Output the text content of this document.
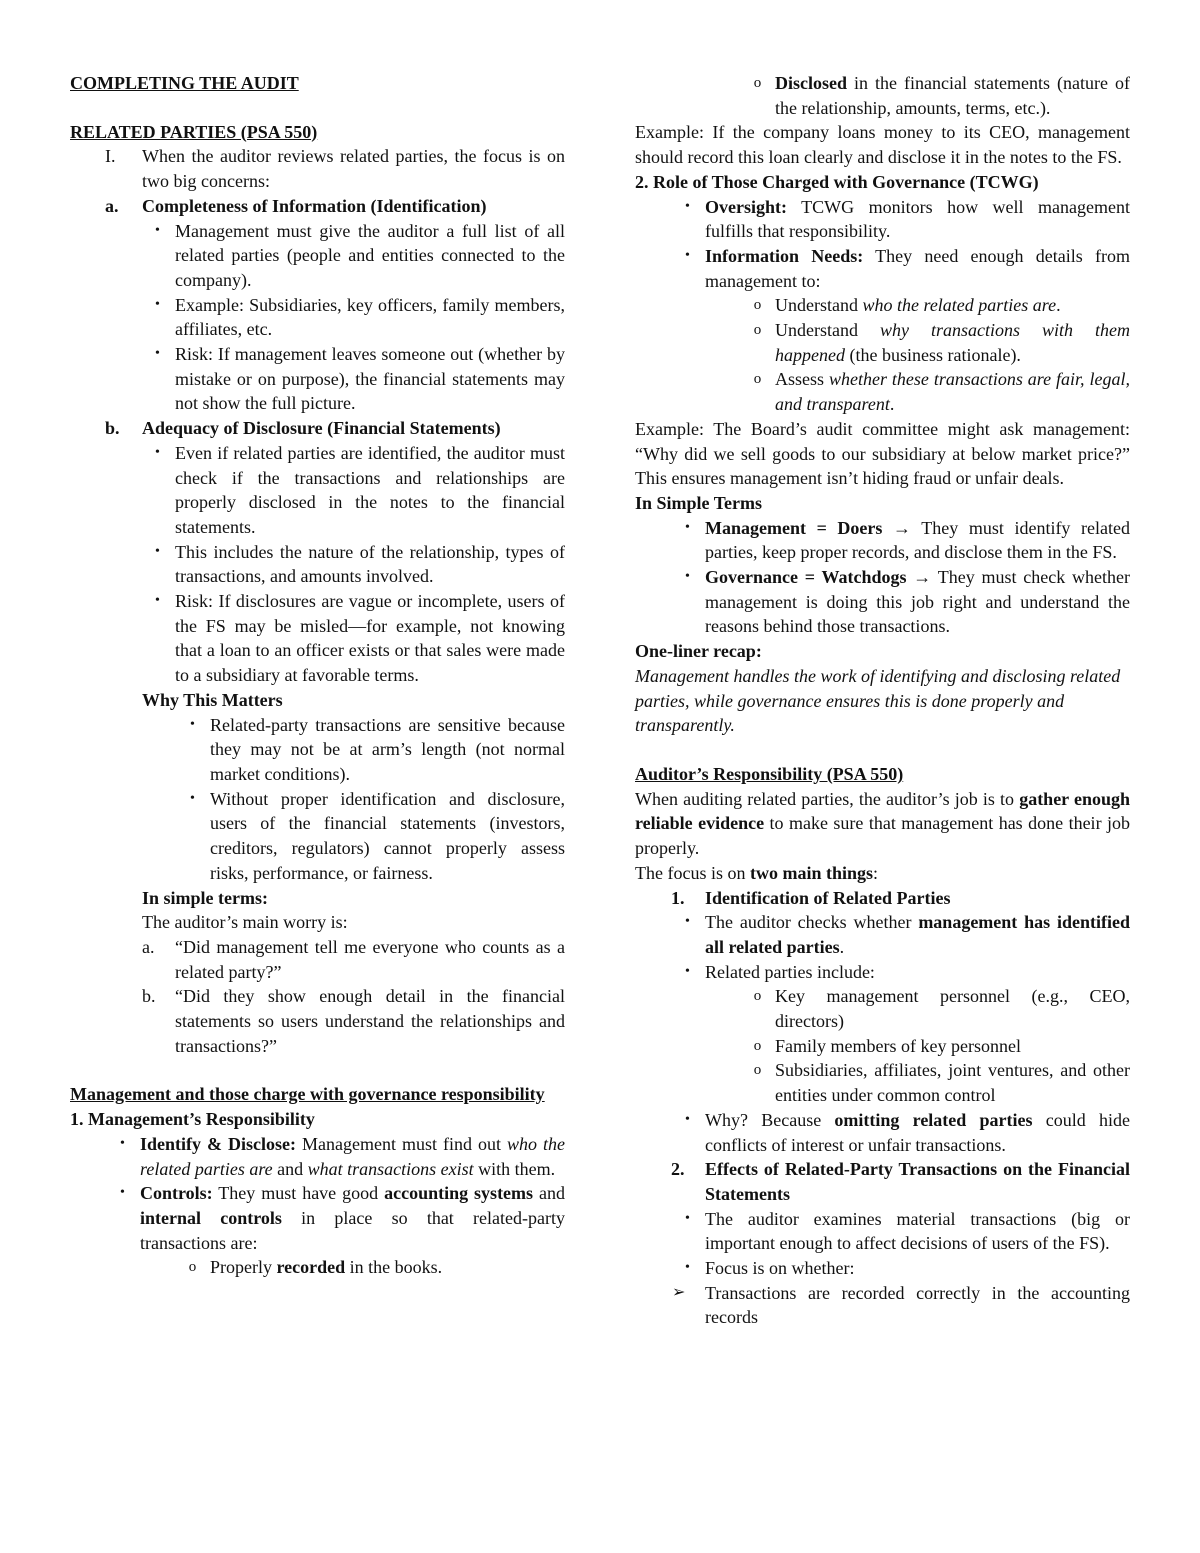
COMPLETING THE AUDIT

RELATED PARTIES (PSA 550)

I.	When the auditor reviews related parties, the focus is on two big concerns:
a.	Completeness of Information (Identification)
• Management must give the auditor a full list of all related parties (people and entities connected to the company).
• Example: Subsidiaries, key officers, family members, affiliates, etc.
• Risk: If management leaves someone out (whether by mistake or on purpose), the financial statements may not show the full picture.
b.	Adequacy of Disclosure (Financial Statements)
• Even if related parties are identified, the auditor must check if the transactions and relationships are properly disclosed in the notes to the financial statements.
• This includes the nature of the relationship, types of transactions, and amounts involved.
• Risk: If disclosures are vague or incomplete, users of the FS may be misled—for example, not knowing that a loan to an officer exists or that sales were made to a subsidiary at favorable terms.

Why This Matters

• Related-party transactions are sensitive because they may not be at arm’s length (not normal market conditions).
• Without proper identification and disclosure, users of the financial statements (investors, creditors, regulators) cannot properly assess risks, performance, or fairness.

In simple terms:

The auditor’s main worry is:

a.	“Did management tell me everyone who counts as a related party?”
b.	“Did they show enough detail in the financial statements so users understand the relationships and transactions?”

Management and those charge with governance responsibility

1. Management’s Responsibility

• Identify & Disclose: Management must find out who the related parties are and what transactions exist with them.
• Controls: They must have good accounting systems and internal controls in place so that related-party transactions are:
o Properly recorded in the books.
o Disclosed in the financial statements (nature of the relationship, amounts, terms, etc.).

Example: If the company loans money to its CEO, management should record this loan clearly and disclose it in the notes to the FS.

2. Role of Those Charged with Governance (TCWG)

• Oversight: TCWG monitors how well management fulfills that responsibility.
• Information Needs: They need enough details from management to:
o Understand who the related parties are.
o Understand why transactions with them happened (the business rationale).
o Assess whether these transactions are fair, legal, and transparent.

Example: The Board’s audit committee might ask management: “Why did we sell goods to our subsidiary at below market price?” This ensures management isn’t hiding fraud or unfair deals.

In Simple Terms

• Management = Doers → They must identify related parties, keep proper records, and disclose them in the FS.
• Governance = Watchdogs → They must check whether management is doing this job right and understand the reasons behind those transactions.

One-liner recap:

Management handles the work of identifying and disclosing related parties, while governance ensures this is done properly and transparently.

Auditor’s Responsibility (PSA 550)

When auditing related parties, the auditor’s job is to gather enough reliable evidence to make sure that management has done their job properly.

The focus is on two main things:

1.	Identification of Related Parties
• The auditor checks whether management has identified all related parties.
• Related parties include:
o Key management personnel (e.g., CEO, directors)
o Family members of key personnel
o Subsidiaries, affiliates, joint ventures, and other entities under common control
• Why? Because omitting related parties could hide conflicts of interest or unfair transactions.
2.	Effects of Related-Party Transactions on the Financial Statements
• The auditor examines material transactions (big or important enough to affect decisions of users of the FS).
• Focus is on whether:
➢	Transactions are recorded correctly in the accounting records
